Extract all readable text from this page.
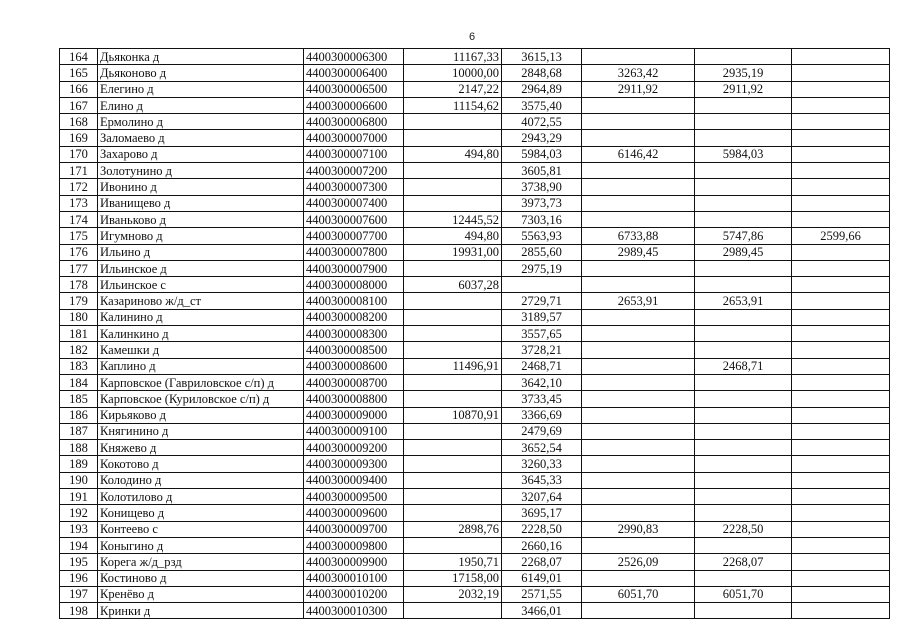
6
164	Дьяконка д	4400300006300	11167,33	3615,13			
165	Дьяконово д	4400300006400	10000,00	2848,68	3263,42	2935,19	
166	Елегино д	4400300006500	2147,22	2964,89	2911,92	2911,92	
167	Елино д	4400300006600	11154,62	3575,40			
168	Ермолино д	4400300006800		4072,55			
169	Заломаево д	4400300007000		2943,29			
170	Захарово д	4400300007100	494,80	5984,03	6146,42	5984,03	
171	Золотунино д	4400300007200		3605,81			
172	Ивонино д	4400300007300		3738,90			
173	Иванищево д	4400300007400		3973,73			
174	Иваньково д	4400300007600	12445,52	7303,16			
175	Игумново д	4400300007700	494,80	5563,93	6733,88	5747,86	2599,66
176	Ильино д	4400300007800	19931,00	2855,60	2989,45	2989,45	
177	Ильинское д	4400300007900		2975,19			
178	Ильинское с	4400300008000	6037,28				
179	Казариново ж/д_ст	4400300008100		2729,71	2653,91	2653,91	
180	Калинино д	4400300008200		3189,57			
181	Калинкино д	4400300008300		3557,65			
182	Камешки д	4400300008500		3728,21			
183	Каплино д	4400300008600	11496,91	2468,71		2468,71	
184	Карповское (Гавриловское с/п) д	4400300008700		3642,10			
185	Карповское (Куриловское с/п) д	4400300008800		3733,45			
186	Кирьяково д	4400300009000	10870,91	3366,69			
187	Княгинино д	4400300009100		2479,69			
188	Княжево д	4400300009200		3652,54			
189	Кокотово д	4400300009300		3260,33			
190	Колодино д	4400300009400		3645,33			
191	Колотилово д	4400300009500		3207,64			
192	Конищево д	4400300009600		3695,17			
193	Контеево с	4400300009700	2898,76	2228,50	2990,83	2228,50	
194	Коныгино д	4400300009800		2660,16			
195	Корега ж/д_рзд	4400300009900	1950,71	2268,07	2526,09	2268,07	
196	Костиново д	4400300010100	17158,00	6149,01			
197	Кренёво д	4400300010200	2032,19	2571,55	6051,70	6051,70	
198	Кринки д	4400300010300		3466,01			
